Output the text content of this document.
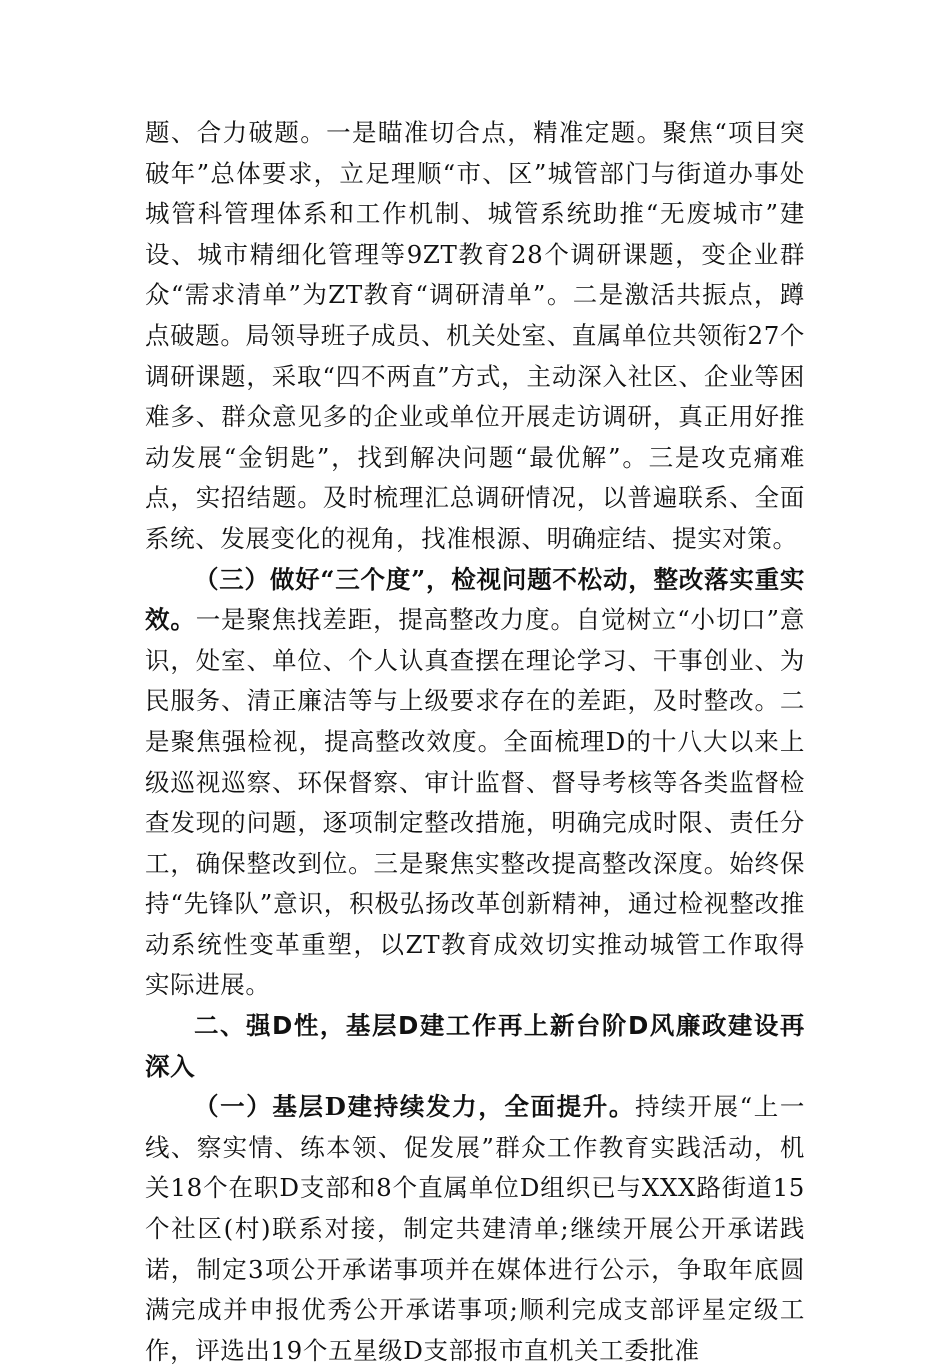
题、合力破题。一是瞄准切合点，精准定题。聚焦“项目突破年”总体要求，立足理顺“市、区”城管部门与街道办事处城管科管理体系和工作机制、城管系统助推“无废城市”建设、城市精细化管理等9ZT教育28个调研课题，变企业群众“需求清单”为ZT教育“调研清单”。二是激活共振点，蹲点破题。局领导班子成员、机关处室、直属单位共领衔27个调研课题，采取“四不两直”方式，主动深入社区、企业等困难多、群众意见多的企业或单位开展走访调研，真正用好推动发展“金钥匙”，找到解决问题“最优解”。三是攻克痛难点，实招结题。及时梳理汇总调研情况，以普遍联系、全面系统、发展变化的视角，找准根源、明确症结、提实对策。

（三）做好“三个度”，检视问题不松动，整改落实重实效。一是聚焦找差距，提高整改力度。自觉树立“小切口”意识，处室、单位、个人认真查摆在理论学习、干事创业、为民服务、清正廉洁等与上级要求存在的差距，及时整改。二是聚焦强检视，提高整改效度。全面梳理D的十八大以来上级巡视巡察、环保督察、审计监督、督导考核等各类监督检查发现的问题，逐项制定整改措施，明确完成时限、责任分工，确保整改到位。三是聚焦实整改提高整改深度。始终保持“先锋队”意识，积极弘扬改革创新精神，通过检视整改推动系统性变革重塑，以ZT教育成效切实推动城管工作取得实际进展。

二、强D性，基层D建工作再上新台阶D风廉政建设再深入

（一）基层D建持续发力，全面提升。持续开展“上一线、察实情、练本领、促发展”群众工作教育实践活动，机关18个在职D支部和8个直属单位D组织已与XXX路街道15个社区(村)联系对接，制定共建清单;继续开展公开承诺践诺，制定3项公开承诺事项并在媒体进行公示，争取年底圆满完成并申报优秀公开承诺事项;顺利完成支部评星定级工作，评选出19个五星级D支部报市直机关工委批准
